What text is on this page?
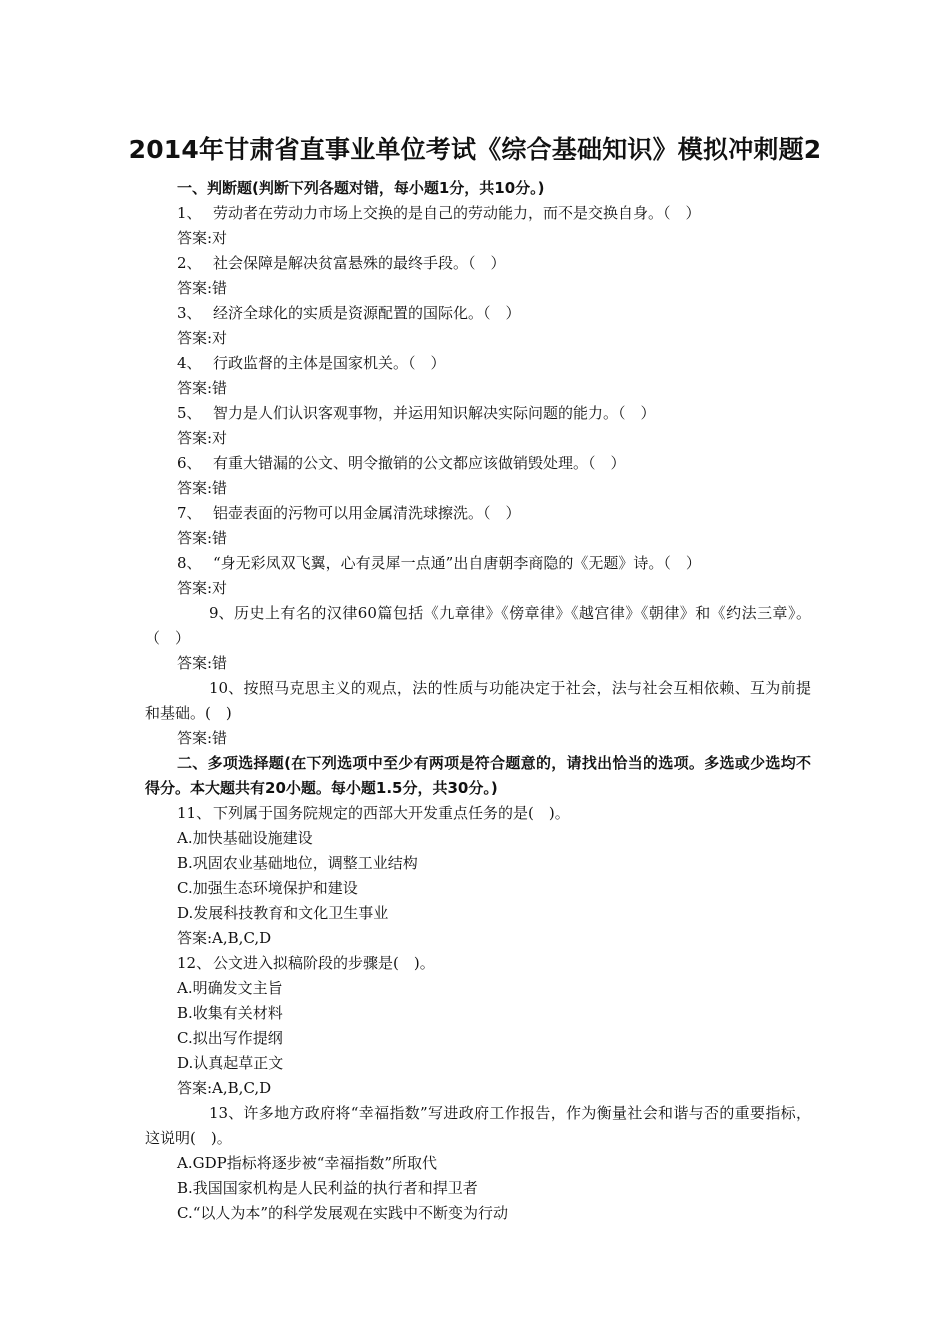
2014年甘肃省直事业单位考试《综合基础知识》模拟冲刺题2
一、判断题(判断下列各题对错，每小题1分，共10分。)
1、 劳动者在劳动力市场上交换的是自己的劳动能力，而不是交换自身。（　）
答案:对
2、 社会保障是解决贫富悬殊的最终手段。（　）
答案:错
3、 经济全球化的实质是资源配置的国际化。（　）
答案:对
4、 行政监督的主体是国家机关。（　）
答案:错
5、 智力是人们认识客观事物，并运用知识解决实际问题的能力。（　）
答案:对
6、 有重大错漏的公文、明令撤销的公文都应该做销毁处理。（　）
答案:错
7、 铝壶表面的污物可以用金属清洗球擦洗。（　）
答案:错
8、 “身无彩凤双飞翼，心有灵犀一点通”出自唐朝李商隐的《无题》诗。（　）
答案:对
9、历史上有名的汉律60篇包括《九章律》《傍章律》《越宫律》《朝律》和《约法三章》。（　）
答案:错
10、按照马克思主义的观点，法的性质与功能决定于社会，法与社会互相依赖、互为前提和基础。(　)
答案:错
二、多项选择题(在下列选项中至少有两项是符合题意的，请找出恰当的选项。多选或少选均不得分。本大题共有20小题。每小题1.5分，共30分。)
11、 下列属于国务院规定的西部大开发重点任务的是(　)。
A.加快基础设施建设
B.巩固农业基础地位，调整工业结构
C.加强生态环境保护和建设
D.发展科技教育和文化卫生事业
答案:A,B,C,D
12、 公文进入拟稿阶段的步骤是(　)。
A.明确发文主旨
B.收集有关材料
C.拟出写作提纲
D.认真起草正文
答案:A,B,C,D
13、许多地方政府将“幸福指数”写进政府工作报告，作为衡量社会和谐与否的重要指标，这说明(　)。
A.GDP指标将逐步被“幸福指数”所取代
B.我国国家机构是人民利益的执行者和捍卫者
C.“以人为本”的科学发展观在实践中不断变为行动
